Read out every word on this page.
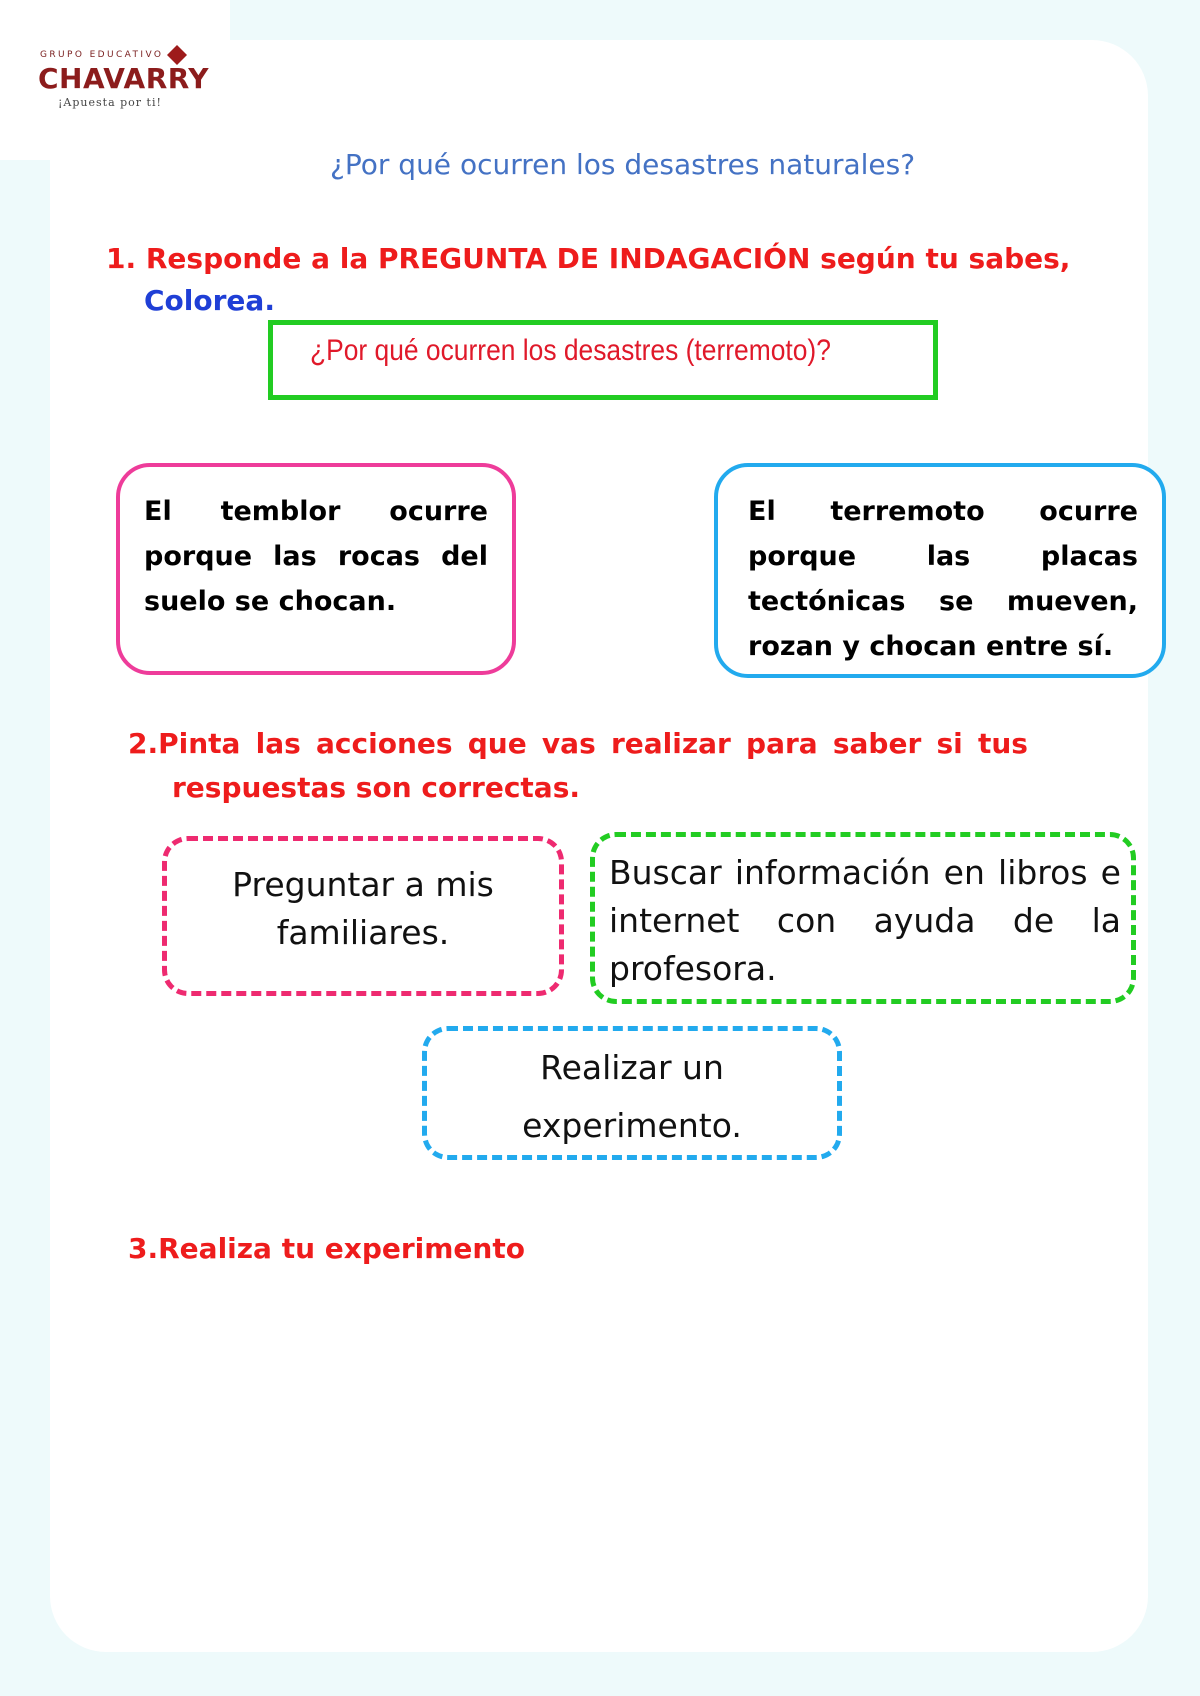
GRUPO EDUCATIVO
CHAVARRY
¡Apuesta por ti!
¿Por qué ocurren los desastres naturales?
1. Responde a la PREGUNTA DE INDAGACIÓN según tu sabes,
Colorea.
¿Por qué ocurren los desastres (terremoto)?
El temblor ocurre porque las rocas del suelo se chocan.
El terremoto ocurre porque las placas tectónicas se mueven, rozan y chocan entre sí.
2.Pinta las acciones que vas realizar para saber si tus
respuestas son correctas.
Preguntar a mis familiares.
Buscar información en libros e internet con ayuda de la profesora.
Realizar un experimento.
3.Realiza tu experimento
